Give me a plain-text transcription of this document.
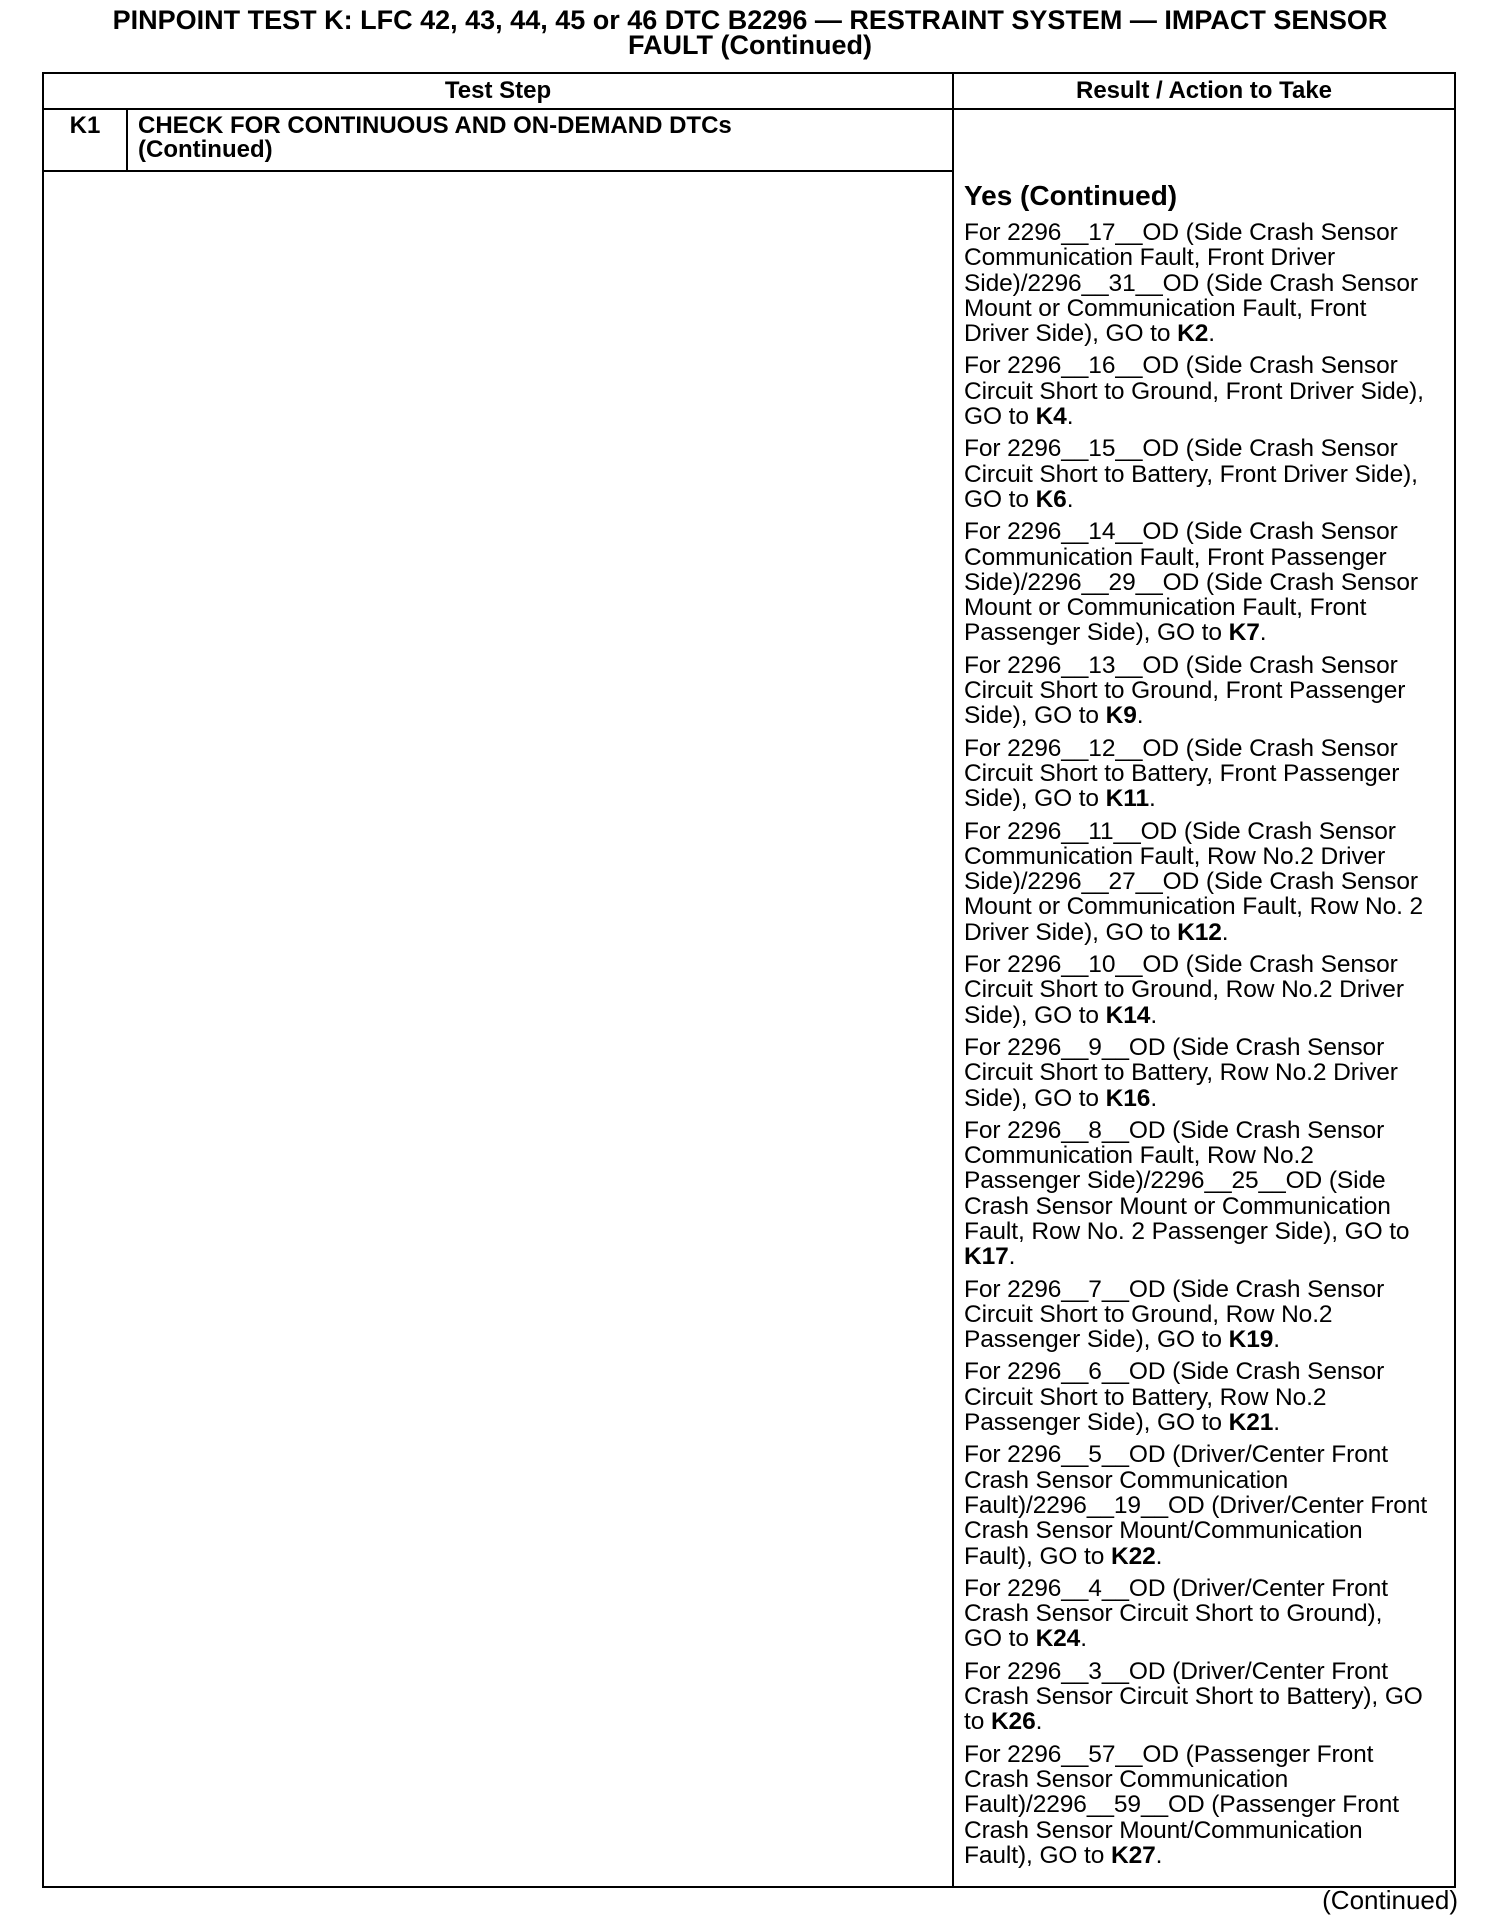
PINPOINT TEST K: LFC 42, 43, 44, 45 or 46 DTC B2296 — RESTRAINT SYSTEM — IMPACT SENSOR
FAULT (Continued)
Test Step	Result / Action to Take
K1	CHECK FOR CONTINUOUS AND ON-DEMAND DTCs
(Continued)
Yes (Continued)
For 2296__17__OD (Side Crash Sensor
Communication Fault, Front Driver
Side)/2296__31__OD (Side Crash Sensor
Mount or Communication Fault, Front
Driver Side), GO to K2.
For 2296__16__OD (Side Crash Sensor
Circuit Short to Ground, Front Driver Side),
GO to K4.
For 2296__15__OD (Side Crash Sensor
Circuit Short to Battery, Front Driver Side),
GO to K6.
For 2296__14__OD (Side Crash Sensor
Communication Fault, Front Passenger
Side)/2296__29__OD (Side Crash Sensor
Mount or Communication Fault, Front
Passenger Side), GO to K7.
For 2296__13__OD (Side Crash Sensor
Circuit Short to Ground, Front Passenger
Side), GO to K9.
For 2296__12__OD (Side Crash Sensor
Circuit Short to Battery, Front Passenger
Side), GO to K11.
For 2296__11__OD (Side Crash Sensor
Communication Fault, Row No.2 Driver
Side)/2296__27__OD (Side Crash Sensor
Mount or Communication Fault, Row No. 2
Driver Side), GO to K12.
For 2296__10__OD (Side Crash Sensor
Circuit Short to Ground, Row No.2 Driver
Side), GO to K14.
For 2296__9__OD (Side Crash Sensor
Circuit Short to Battery, Row No.2 Driver
Side), GO to K16.
For 2296__8__OD (Side Crash Sensor
Communication Fault, Row No.2
Passenger Side)/2296__25__OD (Side
Crash Sensor Mount or Communication
Fault, Row No. 2 Passenger Side), GO to
K17.
For 2296__7__OD (Side Crash Sensor
Circuit Short to Ground, Row No.2
Passenger Side), GO to K19.
For 2296__6__OD (Side Crash Sensor
Circuit Short to Battery, Row No.2
Passenger Side), GO to K21.
For 2296__5__OD (Driver/Center Front
Crash Sensor Communication
Fault)/2296__19__OD (Driver/Center Front
Crash Sensor Mount/Communication
Fault), GO to K22.
For 2296__4__OD (Driver/Center Front
Crash Sensor Circuit Short to Ground),
GO to K24.
For 2296__3__OD (Driver/Center Front
Crash Sensor Circuit Short to Battery), GO
to K26.
For 2296__57__OD (Passenger Front
Crash Sensor Communication
Fault)/2296__59__OD (Passenger Front
Crash Sensor Mount/Communication
Fault), GO to K27.
(Continued)
